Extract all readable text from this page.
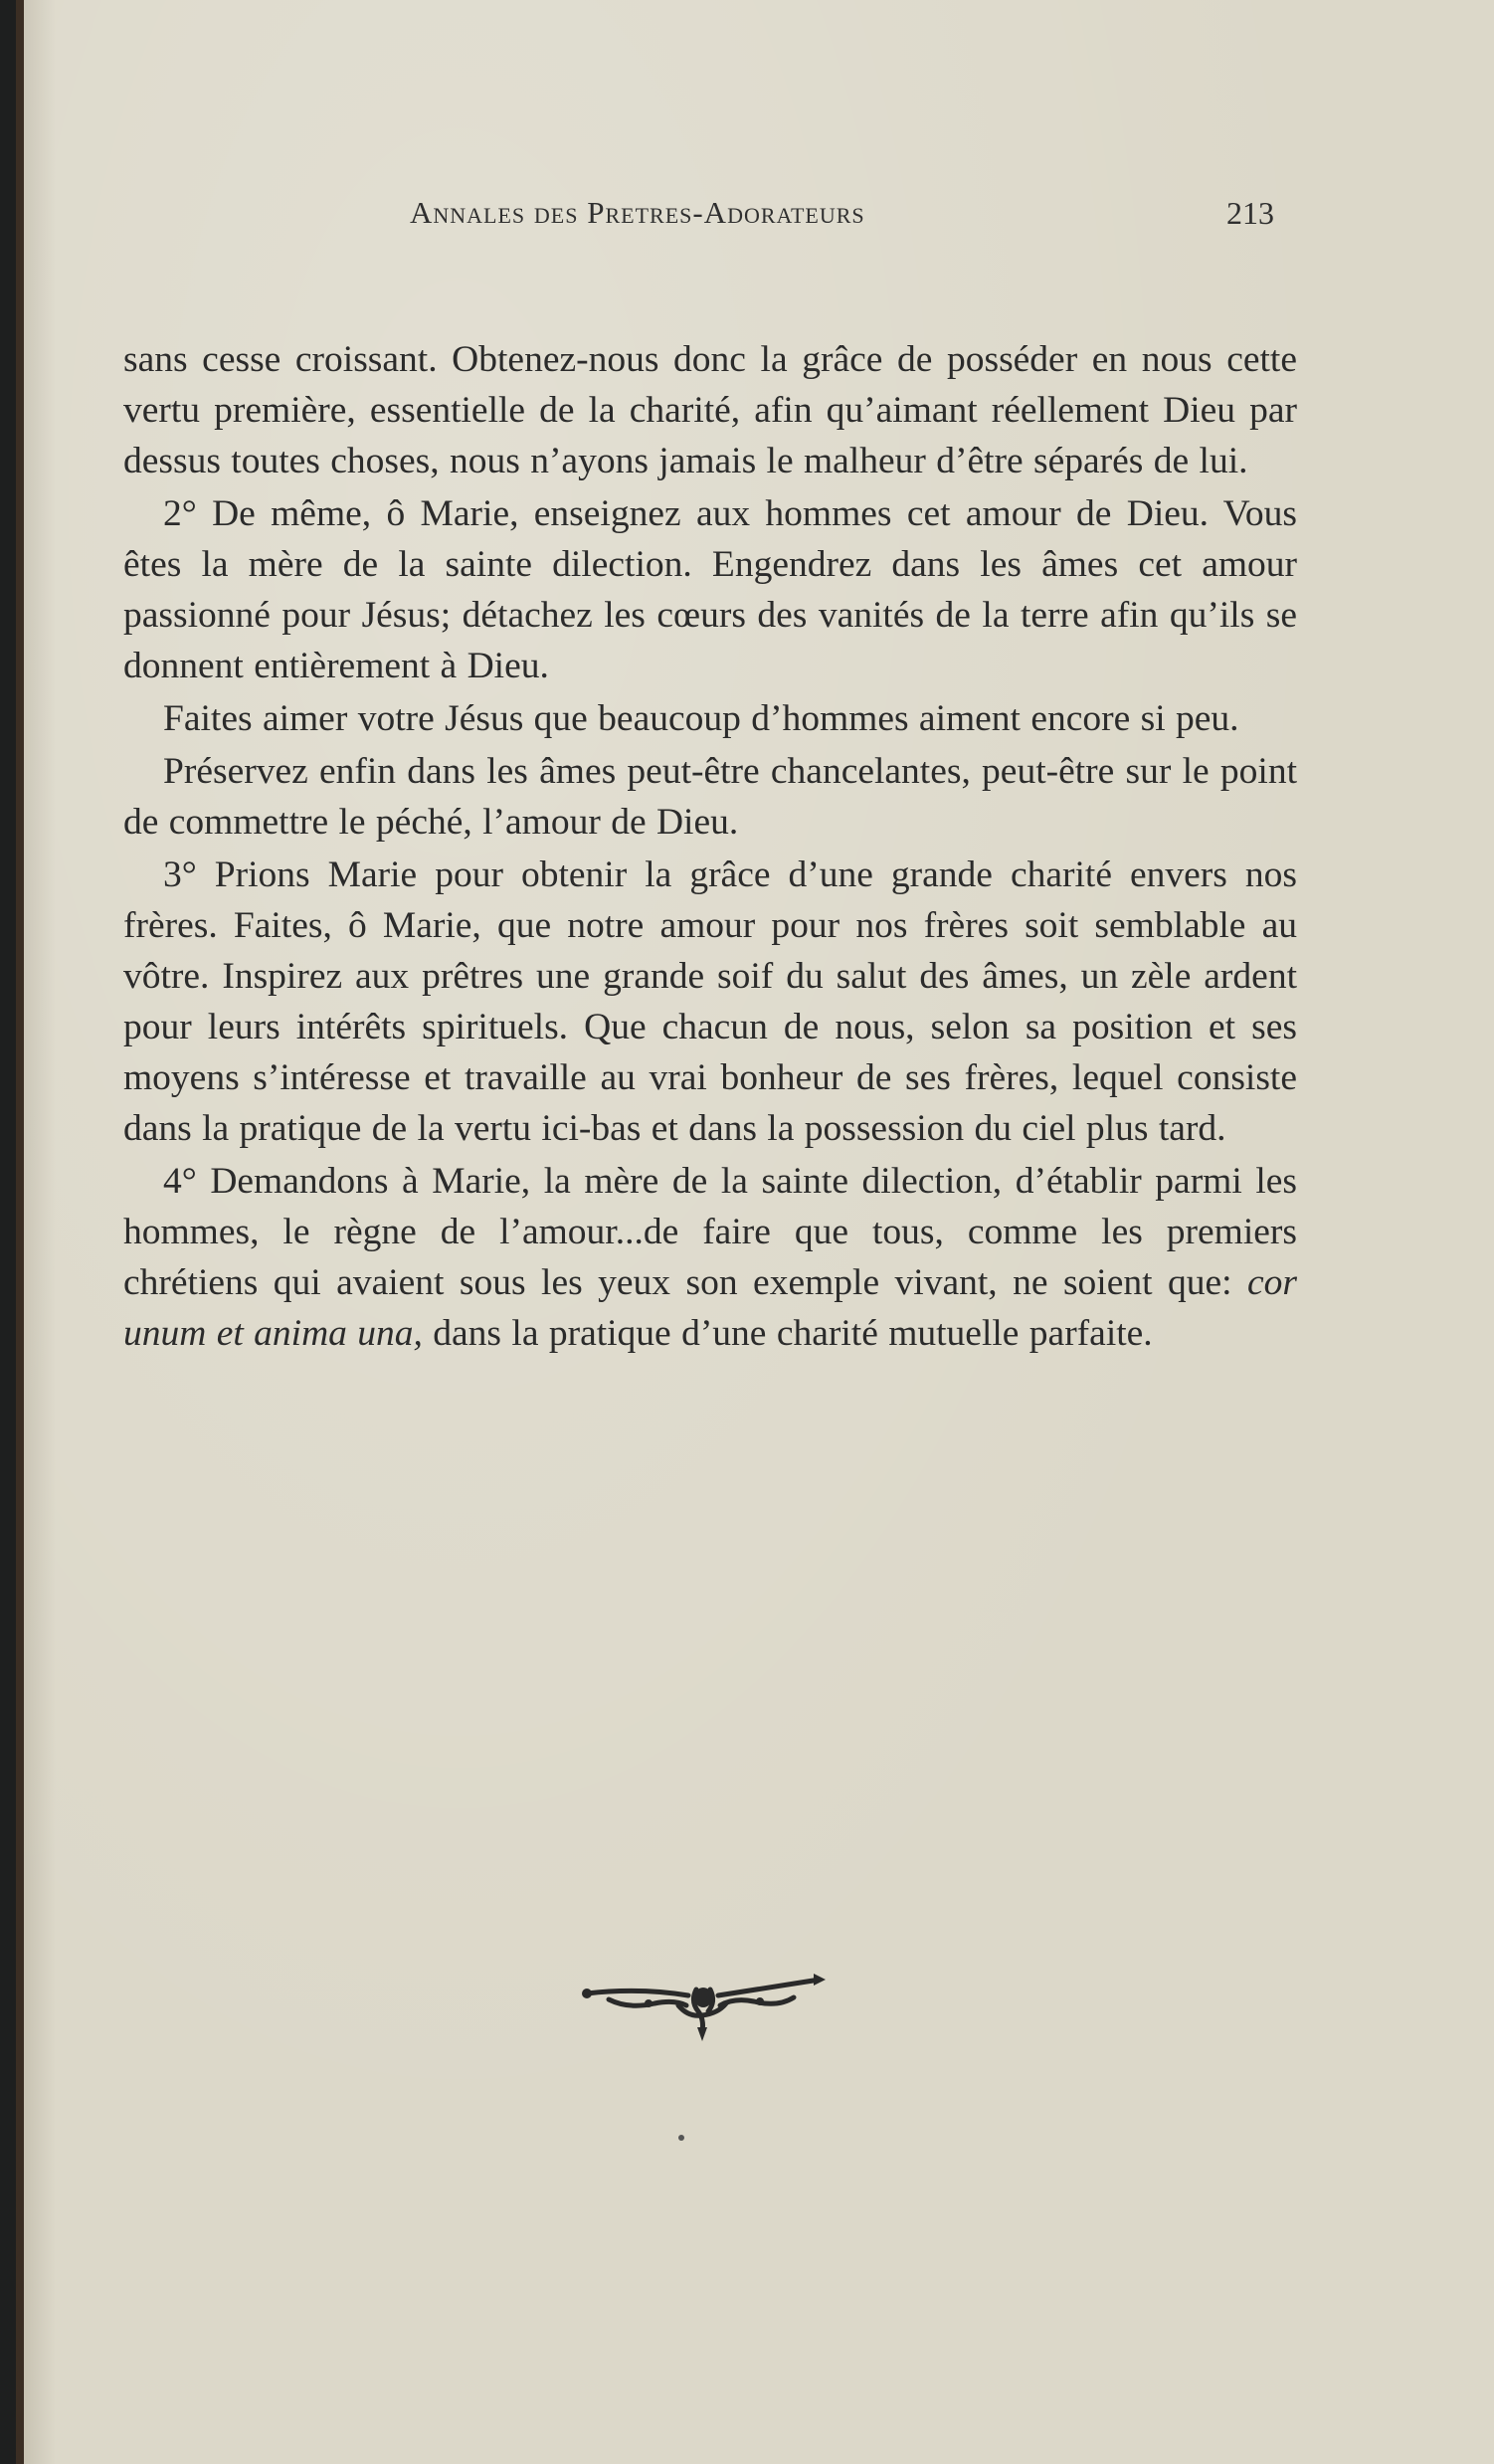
Annales des Pretres-Adorateurs	213

sans cesse croissant. Obtenez-nous donc la grâce de posséder en nous cette vertu première, essentielle de la charité, afin qu’aimant réellement Dieu par dessus toutes choses, nous n’ayons jamais le malheur d’être séparés de lui.

2° De même, ô Marie, enseignez aux hommes cet amour de Dieu. Vous êtes la mère de la sainte dilection. Engendrez dans les âmes cet amour passionné pour Jésus; détachez les cœurs des vanités de la terre afin qu’ils se donnent entièrement à Dieu.

Faites aimer votre Jésus que beaucoup d’hommes aiment encore si peu.

Préservez enfin dans les âmes peut-être chancelantes, peut-être sur le point de commettre le péché, l’amour de Dieu.

3° Prions Marie pour obtenir la grâce d’une grande charité envers nos frères. Faites, ô Marie, que notre amour pour nos frères soit semblable au vôtre. Inspirez aux prêtres une grande soif du salut des âmes, un zèle ardent pour leurs intérêts spirituels. Que chacun de nous, selon sa position et ses moyens s’intéresse et travaille au vrai bonheur de ses frères, lequel consiste dans la pratique de la vertu ici-bas et dans la possession du ciel plus tard.

4° Demandons à Marie, la mère de la sainte dilection, d’établir parmi les hommes, le règne de l’amour...de faire que tous, comme les premiers chrétiens qui avaient sous les yeux son exemple vivant, ne soient que: cor unum et anima una, dans la pratique d’une charité mutuelle parfaite.
